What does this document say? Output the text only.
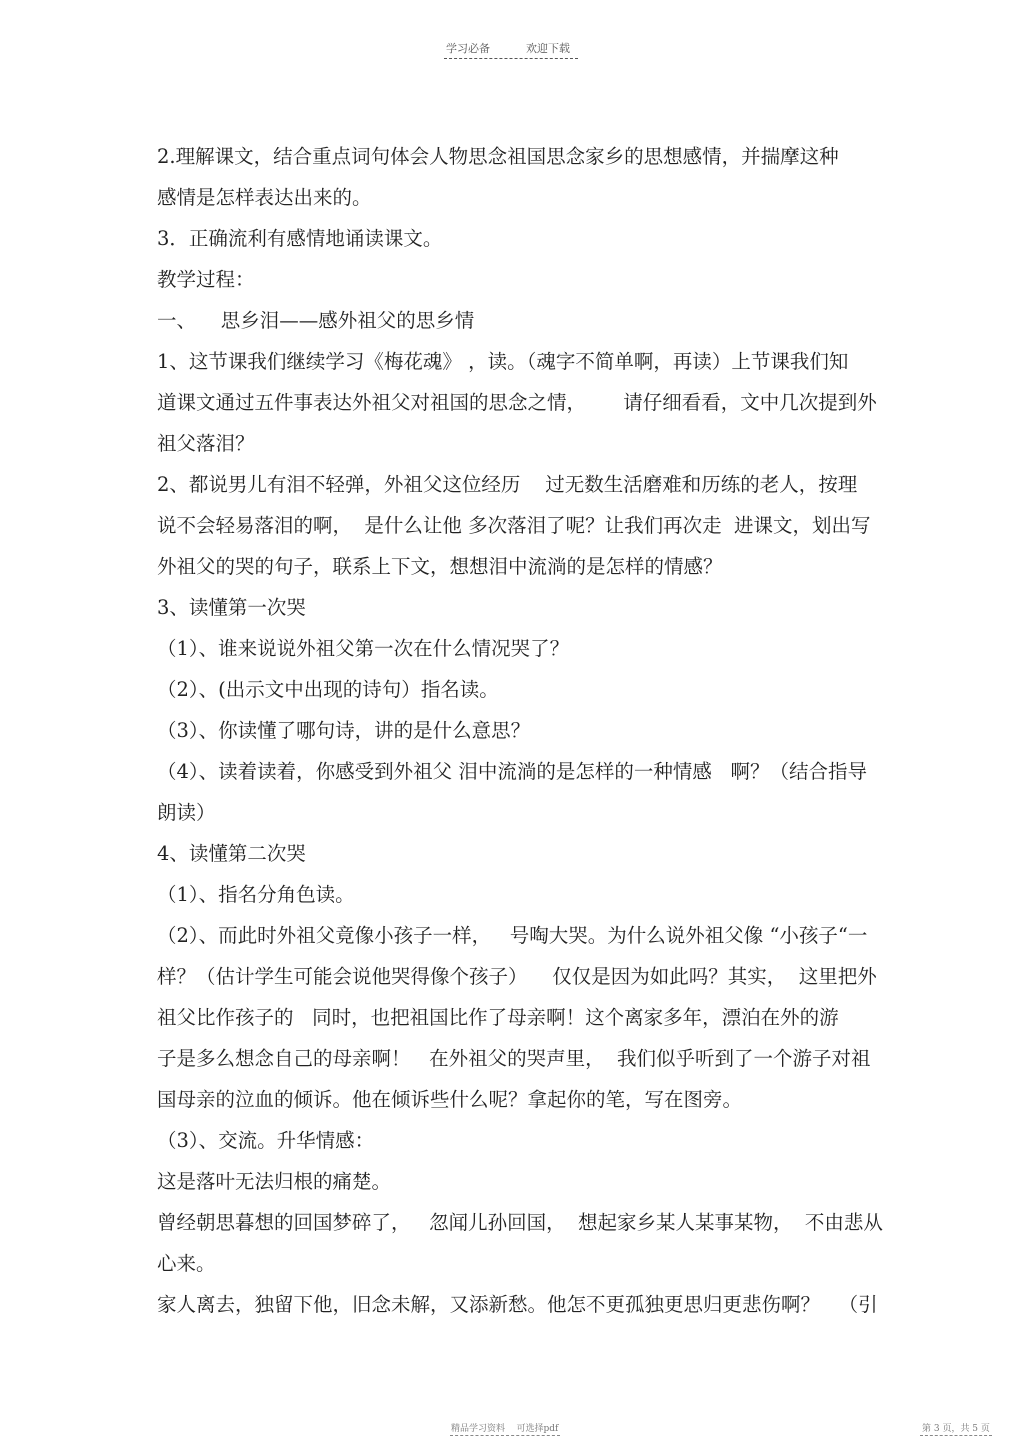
学习必备	欢迎下载
2.理解课文，结合重点词句体会人物思念祖国思念家乡的思想感情，并揣摩这种
感情是怎样表达出来的。
3．正确流利有感情地诵读课文。
教学过程：
一、    思乡泪——感外祖父的思乡情
1、这节课我们继续学习《梅花魂》 ，读。（魂字不简单啊，再读）上节课我们知
道课文通过五件事表达外祖父对祖国的思念之情，      请仔细看看，文中几次提到外
祖父落泪？
2、都说男儿有泪不轻弹，外祖父这位经历    过无数生活磨难和历练的老人，按理
说不会轻易落泪的啊，  是什么让他 多次落泪了呢？让我们再次走  进课文，划出写
外祖父的哭的句子，联系上下文，想想泪中流淌的是怎样的情感？
3、读懂第一次哭
（1）、谁来说说外祖父第一次在什么情况哭了？
（2）、(出示文中出现的诗句）指名读。
（3）、你读懂了哪句诗，讲的是什么意思？
（4）、读着读着，你感受到外祖父 泪中流淌的是怎样的一种情感   啊？（结合指导
朗读）
4、读懂第二次哭
（1）、指名分角色读。
（2）、而此时外祖父竟像小孩子一样，   号啕大哭。为什么说外祖父像 “小孩子“一
样？（估计学生可能会说他哭得像个孩子）    仅仅是因为如此吗？其实，  这里把外
祖父比作孩子的   同时，也把祖国比作了母亲啊！这个离家多年，漂泊在外的游
子是多么想念自己的母亲啊！   在外祖父的哭声里，  我们似乎听到了一个游子对祖
国母亲的泣血的倾诉。他在倾诉些什么呢？拿起你的笔，写在图旁。
（3）、交流。升华情感：
这是落叶无法归根的痛楚。
曾经朝思暮想的回国梦碎了，   忽闻儿孙回国，  想起家乡某人某事某物，  不由悲从
心来。
家人离去，独留下他，旧念未解，又添新愁。他怎不更孤独更思归更悲伤啊？   （引
精品学习资料    可选择pdf	第 3 页，共 5 页
